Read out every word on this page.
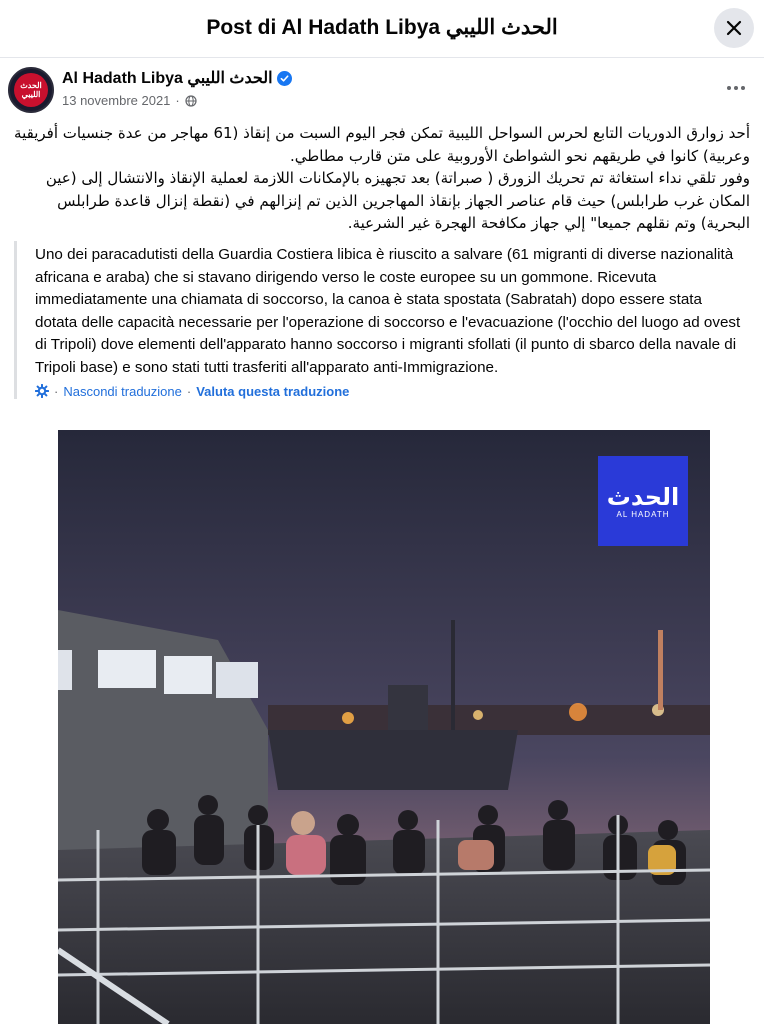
Post di Al Hadath Libya الحدث الليبي
الحدث الليبي
Al Hadath Libya الحدث الليبي
13 novembre 2021 ·

أحد زوارق الدوريات التابع لحرس السواحل الليبية تمكن فجر اليوم السبت من إنقاذ (61 مهاجر من عدة جنسيات أفريقية وعربية) كانوا في طريقهم نحو الشواطئ الأوروبية على متن قارب مطاطي.

وفور تلقي نداء استغاثة تم تحريك الزورق ( صبراتة) بعد تجهيزه بالإمكانات اللازمة لعملية الإنقاذ والانتشال إلى (عين المكان غرب طرابلس) حيث قام عناصر الجهاز بإنقاذ المهاجرين الذين تم إنزالهم في (نقطة إنزال قاعدة طرابلس البحرية) وتم نقلهم جميعا" إلي جهاز مكافحة الهجرة غير الشرعية.

Uno dei paracadutisti della Guardia Costiera libica è riuscito a salvare (61 migranti di diverse nazionalità africana e araba) che si stavano dirigendo verso le coste europee su un gommone. Ricevuta immediatamente una chiamata di soccorso, la canoa è stata spostata (Sabratah) dopo essere stata dotata delle capacità necessarie per l'operazione di soccorso e l'evacuazione (l'occhio del luogo ad ovest di Tripoli) dove elementi dell'apparato hanno soccorso i migranti sfollati (il punto di sbarco della navale di Tripoli base) e sono stati tutti trasferiti all'apparato anti-Immigrazione.

· Nascondi traduzione · Valuta questa traduzione
الحدث
AL HADATH
